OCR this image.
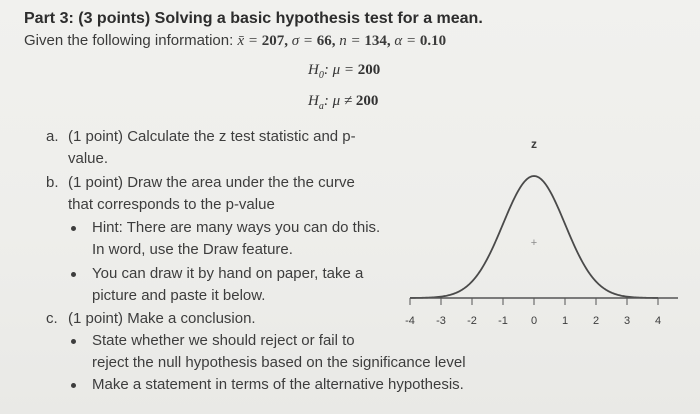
Part 3: (3 points) Solving a basic hypothesis test for a mean.
Given the following information: x̄ = 207, σ = 66, n = 134, α = 0.10
$H_0$: μ = 200
$H_a$: μ ≠ 200
a. (1 point) Calculate the z test statistic and p-
value.
b. (1 point) Draw the area under the the curve
that corresponds to the p-value
Hint: There are many ways you can do this.
In word, use the Draw feature.
You can draw it by hand on paper, take a
picture and paste it below.
c. (1 point) Make a conclusion.
State whether we should reject or fail to
reject the null hypothesis based on the significance level
Make a statement in terms of the alternative hypothesis.
-4 -3 -2 -1 0 1 2 3 4
z
+
